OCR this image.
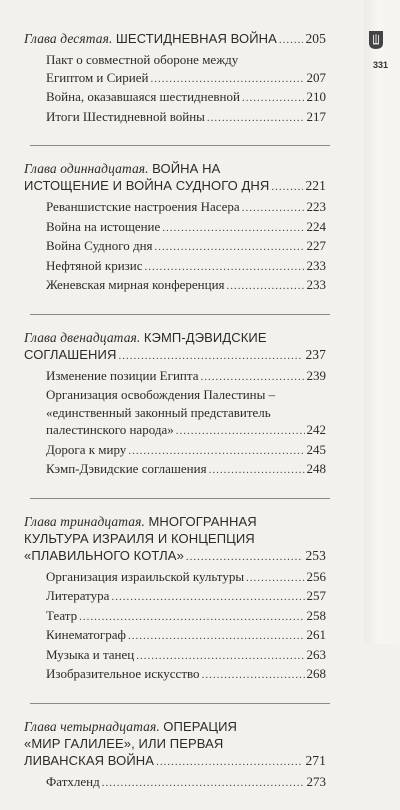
331
Глава десятая. ШЕСТИДНЕВНАЯ ВОЙНА ..... 205
Пакт о совместной обороне между
Египтом и Сирией .....	207
Война, оказавшаяся шестидневной .....	210
Итоги Шестидневной войны .....	217
Глава одиннадцатая. ВОЙНА НА
ИСТОЩЕНИЕ И ВОЙНА СУДНОГО ДНЯ .....	221
Реваншистские настроения Насера .....	223
Война на истощение .....	224
Война Судного дня .....	227
Нефтяной кризис .....	233
Женевская мирная конференция .....	233
Глава двенадцатая. КЭМП-ДЭВИДСКИЕ
СОГЛАШЕНИЯ .....	237
Изменение позиции Египта .....	239
Организация освобождения Палестины –
«единственный законный представитель
палестинского народа» .....	242
Дорога к миру .....	245
Кэмп-Дэвидские соглашения .....	248
Глава тринадцатая. МНОГОГРАННАЯ
КУЛЬТУРА ИЗРАИЛЯ И КОНЦЕПЦИЯ
«ПЛАВИЛЬНОГО КОТЛА» .....	253
Организация израильской культуры .....	256
Литература .....	257
Театр .....	258
Кинематограф .....	261
Музыка и танец .....	263
Изобразительное искусство .....	268
Глава четырнадцатая. ОПЕРАЦИЯ
«МИР ГАЛИЛЕЕ», ИЛИ ПЕРВАЯ
ЛИВАНСКАЯ ВОЙНА .....	271
Фатхленд .....	273
